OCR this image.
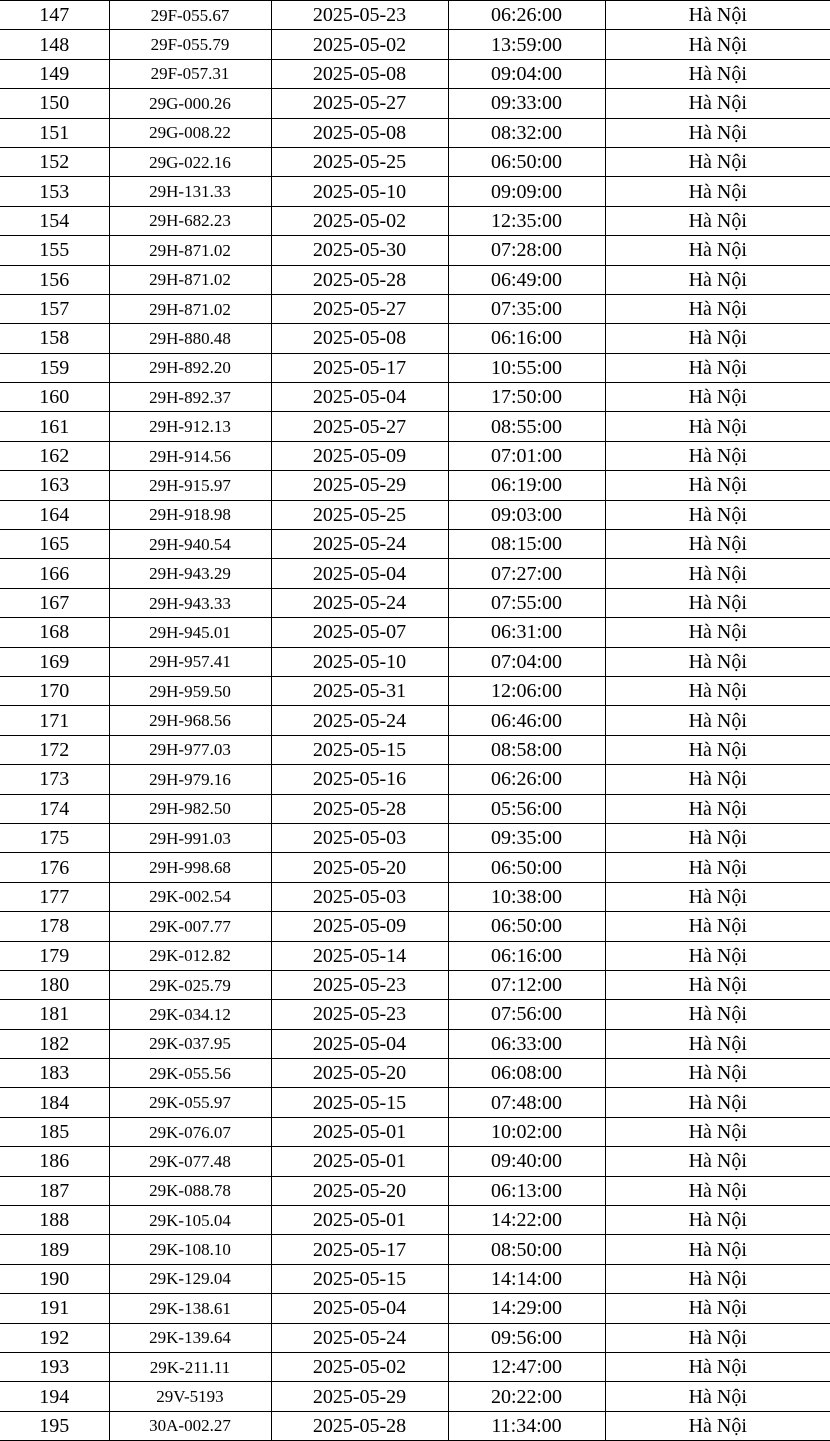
147	29F-055.67	2025-05-23	06:26:00	Hà Nội
148	29F-055.79	2025-05-02	13:59:00	Hà Nội
149	29F-057.31	2025-05-08	09:04:00	Hà Nội
150	29G-000.26	2025-05-27	09:33:00	Hà Nội
151	29G-008.22	2025-05-08	08:32:00	Hà Nội
152	29G-022.16	2025-05-25	06:50:00	Hà Nội
153	29H-131.33	2025-05-10	09:09:00	Hà Nội
154	29H-682.23	2025-05-02	12:35:00	Hà Nội
155	29H-871.02	2025-05-30	07:28:00	Hà Nội
156	29H-871.02	2025-05-28	06:49:00	Hà Nội
157	29H-871.02	2025-05-27	07:35:00	Hà Nội
158	29H-880.48	2025-05-08	06:16:00	Hà Nội
159	29H-892.20	2025-05-17	10:55:00	Hà Nội
160	29H-892.37	2025-05-04	17:50:00	Hà Nội
161	29H-912.13	2025-05-27	08:55:00	Hà Nội
162	29H-914.56	2025-05-09	07:01:00	Hà Nội
163	29H-915.97	2025-05-29	06:19:00	Hà Nội
164	29H-918.98	2025-05-25	09:03:00	Hà Nội
165	29H-940.54	2025-05-24	08:15:00	Hà Nội
166	29H-943.29	2025-05-04	07:27:00	Hà Nội
167	29H-943.33	2025-05-24	07:55:00	Hà Nội
168	29H-945.01	2025-05-07	06:31:00	Hà Nội
169	29H-957.41	2025-05-10	07:04:00	Hà Nội
170	29H-959.50	2025-05-31	12:06:00	Hà Nội
171	29H-968.56	2025-05-24	06:46:00	Hà Nội
172	29H-977.03	2025-05-15	08:58:00	Hà Nội
173	29H-979.16	2025-05-16	06:26:00	Hà Nội
174	29H-982.50	2025-05-28	05:56:00	Hà Nội
175	29H-991.03	2025-05-03	09:35:00	Hà Nội
176	29H-998.68	2025-05-20	06:50:00	Hà Nội
177	29K-002.54	2025-05-03	10:38:00	Hà Nội
178	29K-007.77	2025-05-09	06:50:00	Hà Nội
179	29K-012.82	2025-05-14	06:16:00	Hà Nội
180	29K-025.79	2025-05-23	07:12:00	Hà Nội
181	29K-034.12	2025-05-23	07:56:00	Hà Nội
182	29K-037.95	2025-05-04	06:33:00	Hà Nội
183	29K-055.56	2025-05-20	06:08:00	Hà Nội
184	29K-055.97	2025-05-15	07:48:00	Hà Nội
185	29K-076.07	2025-05-01	10:02:00	Hà Nội
186	29K-077.48	2025-05-01	09:40:00	Hà Nội
187	29K-088.78	2025-05-20	06:13:00	Hà Nội
188	29K-105.04	2025-05-01	14:22:00	Hà Nội
189	29K-108.10	2025-05-17	08:50:00	Hà Nội
190	29K-129.04	2025-05-15	14:14:00	Hà Nội
191	29K-138.61	2025-05-04	14:29:00	Hà Nội
192	29K-139.64	2025-05-24	09:56:00	Hà Nội
193	29K-211.11	2025-05-02	12:47:00	Hà Nội
194	29V-5193	2025-05-29	20:22:00	Hà Nội
195	30A-002.27	2025-05-28	11:34:00	Hà Nội
